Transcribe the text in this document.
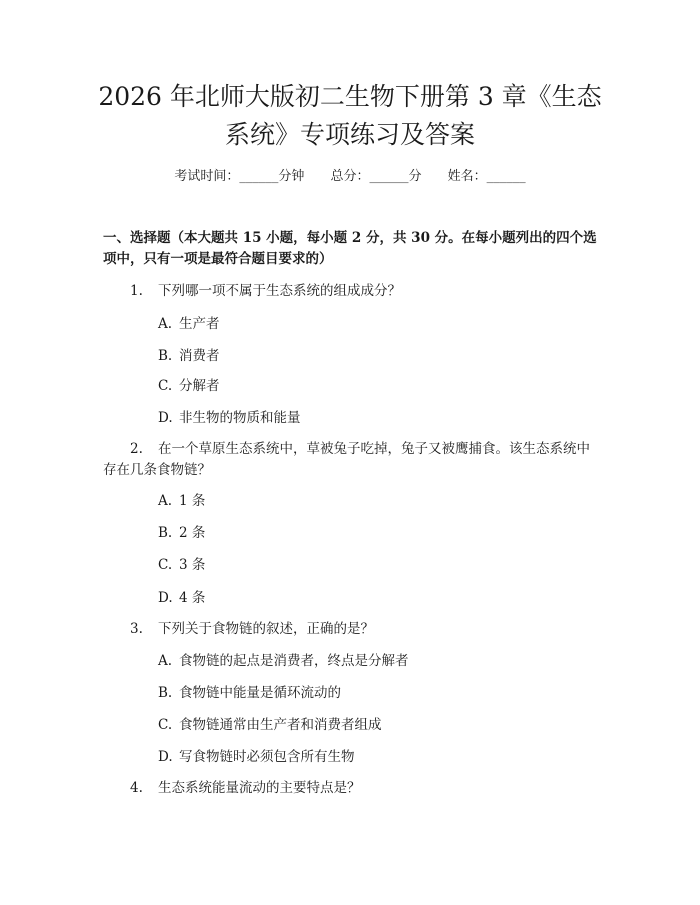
2026 年北师大版初二生物下册第 3 章《生态
系统》专项练习及答案
考试时间：______分钟 总分：______分 姓名：______
一、选择题（本大题共 15 小题，每小题 2 分，共 30 分。在每小题列出的四个选
项中，只有一项是最符合题目要求的）
1. 下列哪一项不属于生态系统的组成成分？
A. 生产者
B. 消费者
C. 分解者
D. 非生物的物质和能量
2. 在一个草原生态系统中，草被兔子吃掉，兔子又被鹰捕食。该生态系统中
存在几条食物链？
A. 1 条
B. 2 条
C. 3 条
D. 4 条
3. 下列关于食物链的叙述，正确的是？
A. 食物链的起点是消费者，终点是分解者
B. 食物链中能量是循环流动的
C. 食物链通常由生产者和消费者组成
D. 写食物链时必须包含所有生物
4. 生态系统能量流动的主要特点是？
